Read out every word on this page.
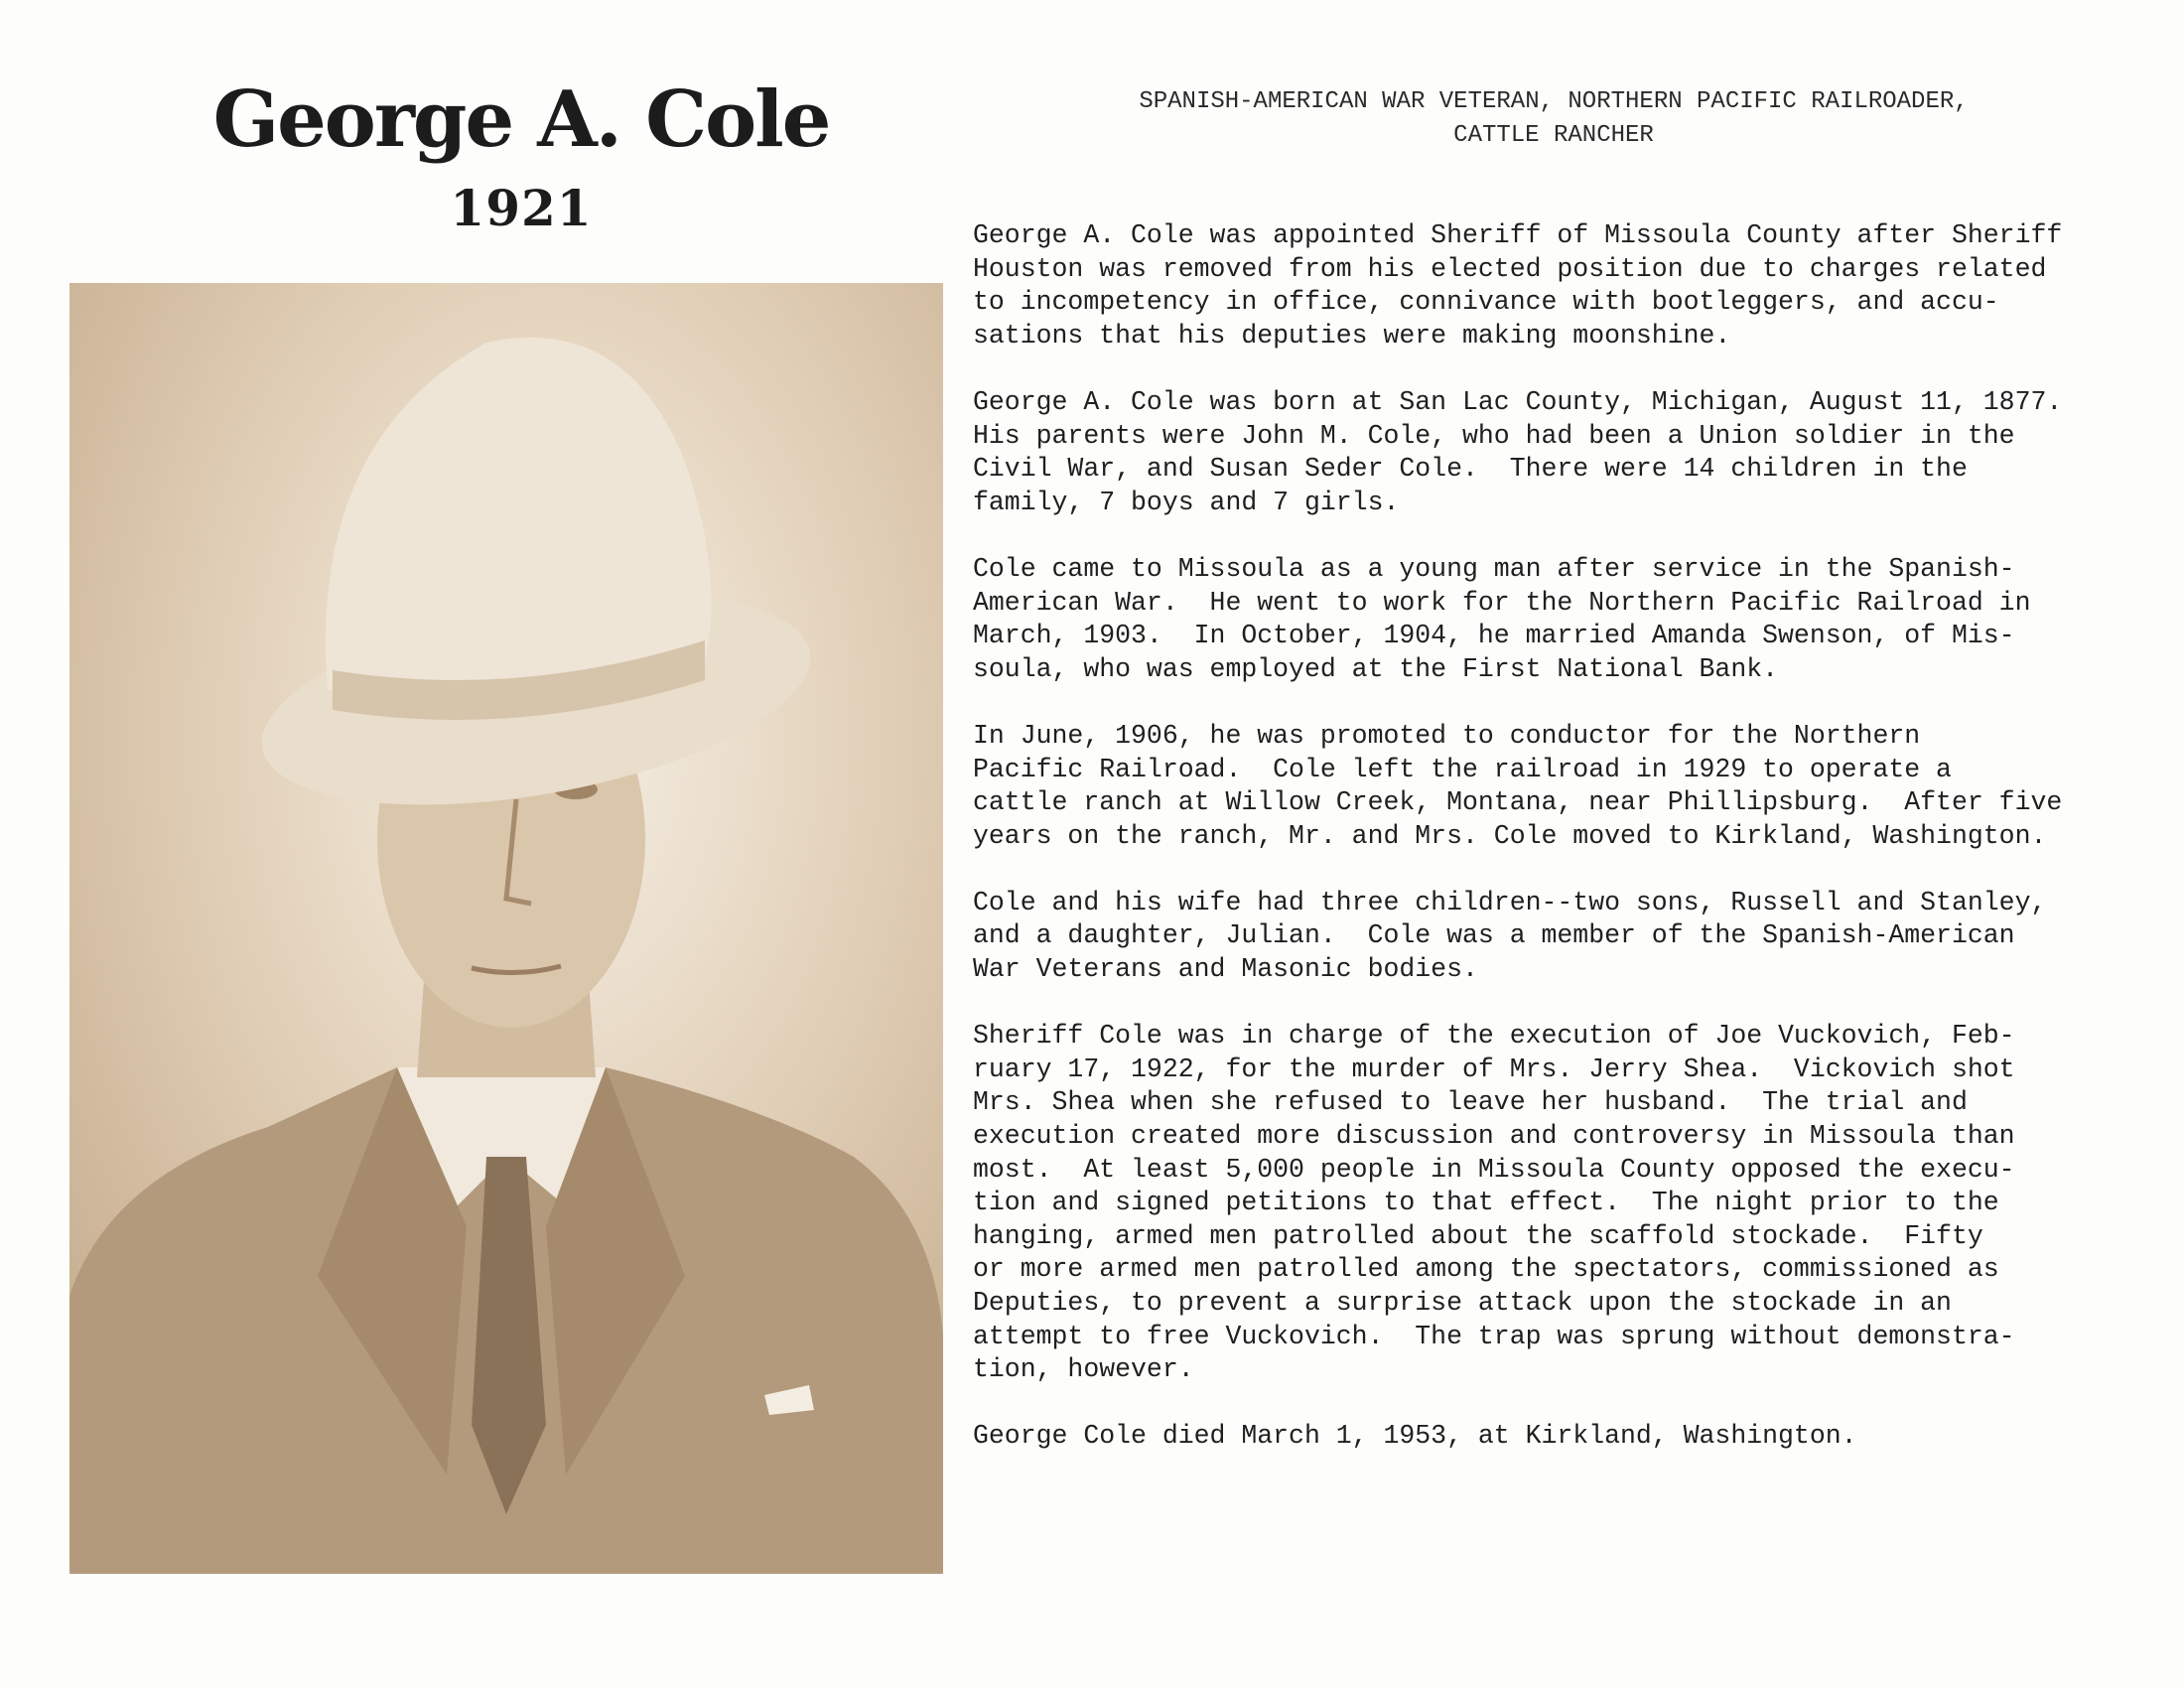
George A. Cole
1921
SPANISH-AMERICAN WAR VETERAN, NORTHERN PACIFIC RAILROADER,
CATTLE RANCHER
George A. Cole was appointed Sheriff of Missoula County after Sheriff
Houston was removed from his elected position due to charges related
to incompetency in office, connivance with bootleggers, and accu-
sations that his deputies were making moonshine.
George A. Cole was born at San Lac County, Michigan, August 11, 1877.
His parents were John M. Cole, who had been a Union soldier in the
Civil War, and Susan Seder Cole.  There were 14 children in the
family, 7 boys and 7 girls.
Cole came to Missoula as a young man after service in the Spanish-
American War.  He went to work for the Northern Pacific Railroad in
March, 1903.  In October, 1904, he married Amanda Swenson, of Mis-
soula, who was employed at the First National Bank.
In June, 1906, he was promoted to conductor for the Northern
Pacific Railroad.  Cole left the railroad in 1929 to operate a
cattle ranch at Willow Creek, Montana, near Phillipsburg.  After five
years on the ranch, Mr. and Mrs. Cole moved to Kirkland, Washington.
Cole and his wife had three children--two sons, Russell and Stanley,
and a daughter, Julian.  Cole was a member of the Spanish-American
War Veterans and Masonic bodies.
Sheriff Cole was in charge of the execution of Joe Vuckovich, Feb-
ruary 17, 1922, for the murder of Mrs. Jerry Shea.  Vickovich shot
Mrs. Shea when she refused to leave her husband.  The trial and
execution created more discussion and controversy in Missoula than
most.  At least 5,000 people in Missoula County opposed the execu-
tion and signed petitions to that effect.  The night prior to the
hanging, armed men patrolled about the scaffold stockade.  Fifty
or more armed men patrolled among the spectators, commissioned as
Deputies, to prevent a surprise attack upon the stockade in an
attempt to free Vuckovich.  The trap was sprung without demonstra-
tion, however.
George Cole died March 1, 1953, at Kirkland, Washington.
